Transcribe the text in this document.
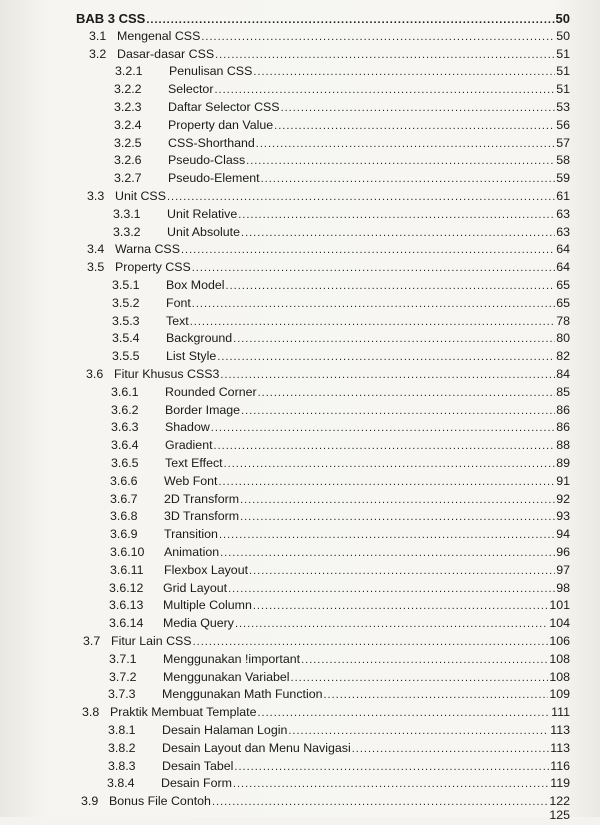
BAB 3 CSS .....	50
3.1 Mengenal CSS .....	50
3.2 Dasar-dasar CSS .....	51
3.2.1	Penulisan CSS .....	51
3.2.2	Selector .....	51
3.2.3	Daftar Selector CSS .....	53
3.2.4	Property dan Value .....	56
3.2.5	CSS-Shorthand .....	57
3.2.6	Pseudo-Class .....	58
3.2.7	Pseudo-Element .....	59
3.3 Unit CSS .....	61
3.3.1	Unit Relative .....	63
3.3.2	Unit Absolute .....	63
3.4 Warna CSS .....	64
3.5 Property CSS .....	64
3.5.1	Box Model .....	65
3.5.2	Font .....	65
3.5.3	Text .....	78
3.5.4	Background .....	80
3.5.5	List Style .....	82
3.6 Fitur Khusus CSS3 .....	84
3.6.1	Rounded Corner .....	85
3.6.2	Border Image .....	86
3.6.3	Shadow .....	86
3.6.4	Gradient .....	88
3.6.5	Text Effect .....	89
3.6.6	Web Font .....	91
3.6.7	2D Transform .....	92
3.6.8	3D Transform .....	93
3.6.9	Transition .....	94
3.6.10	Animation .....	96
3.6.11	Flexbox Layout .....	97
3.6.12	Grid Layout .....	98
3.6.13	Multiple Column .....	101
3.6.14	Media Query .....	104
3.7 Fitur Lain CSS .....	106
3.7.1	Menggunakan !important .....	108
3.7.2	Menggunakan Variabel .....	108
3.7.3	Menggunakan Math Function .....	109
3.8 Praktik Membuat Template .....	111
3.8.1	Desain Halaman Login .....	113
3.8.2	Desain Layout dan Menu Navigasi .....	113
3.8.3	Desain Tabel .....	116
3.8.4	Desain Form .....	119
3.9 Bonus File Contoh .....	122
125
